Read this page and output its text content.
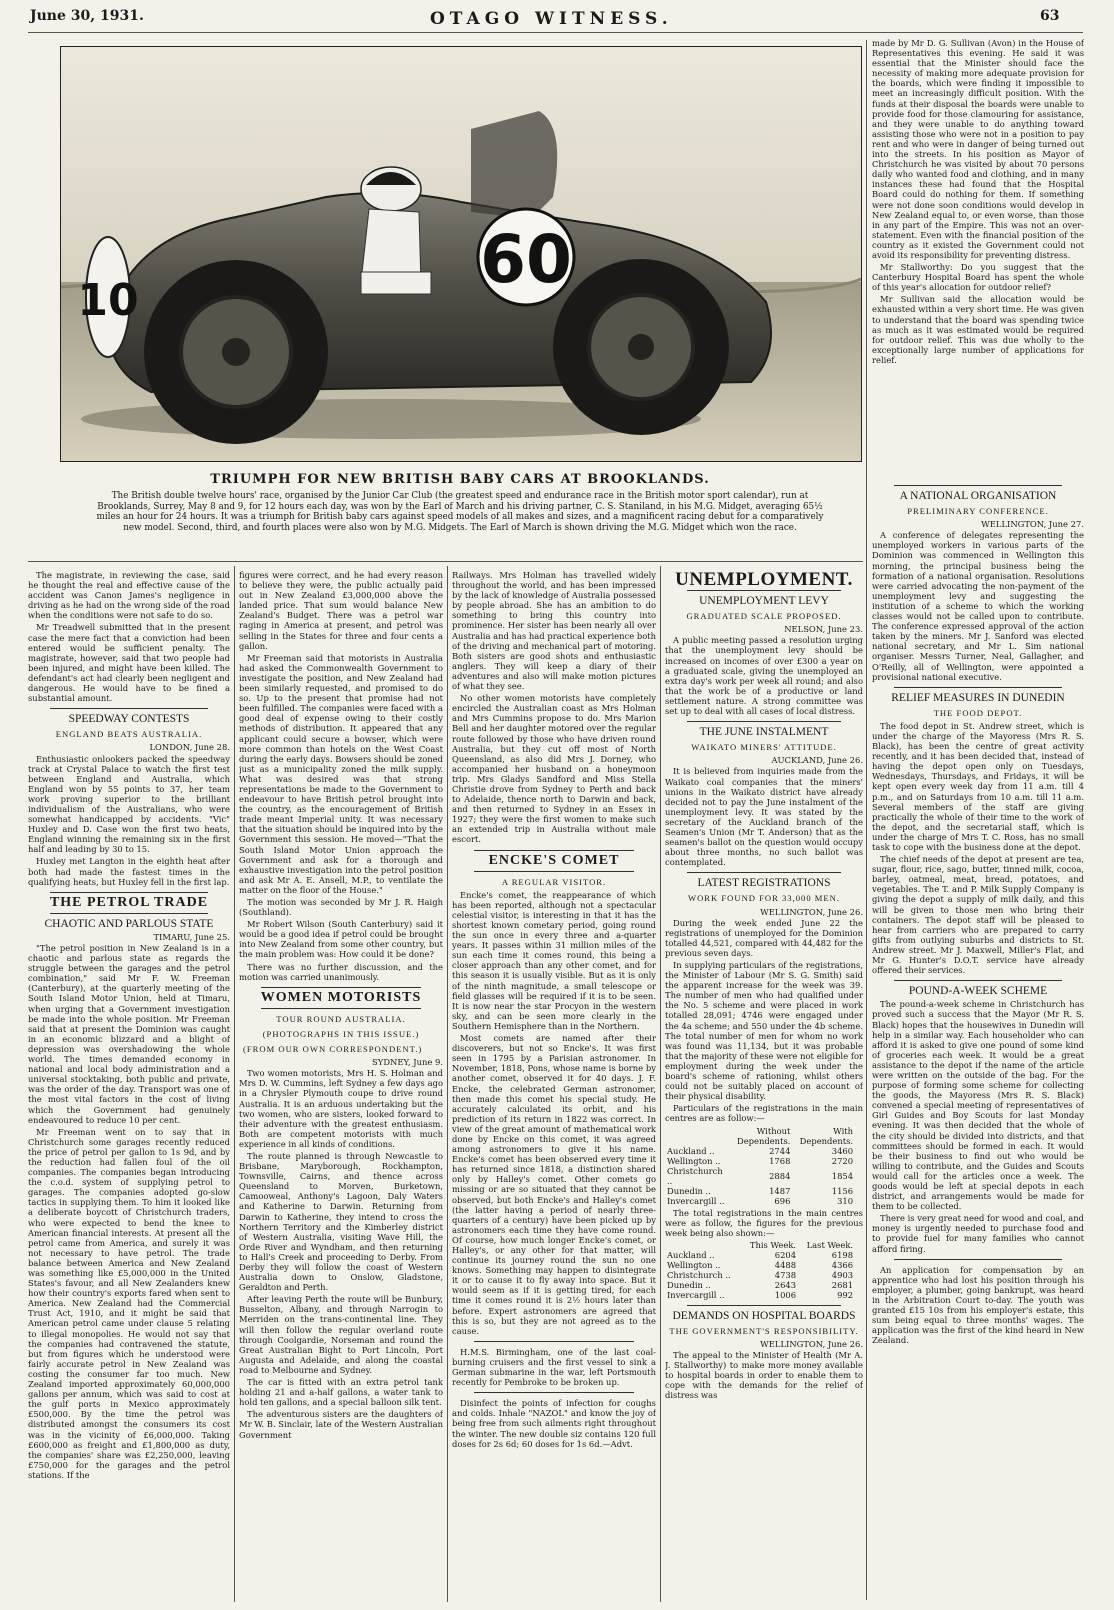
June 30, 1931.	OTAGO WITNESS.	63
10
60
TRIUMPH FOR NEW BRITISH BABY CARS AT BROOKLANDS.
The British double twelve hours' race, organised by the Junior Car Club (the greatest speed and endurance race in the British motor sport calendar), run at Brooklands, Surrey, May 8 and 9, for 12 hours each day, was won by the Earl of March and his driving partner, C. S. Staniland, in his M.G. Midget, averaging 65½ miles an hour for 24 hours. It was a triumph for British baby cars against speed models of all makes and sizes, and a magnificent racing debut for a comparatively new model. Second, third, and fourth places were also won by M.G. Midgets. The Earl of March is shown driving the M.G. Midget which won the race.

made by Mr D. G. Sullivan (Avon) in the House of Representatives this evening. He said it was essential that the Minister should face the necessity of making more adequate provision for the boards, which were finding it impossible to meet an increasingly difficult position. With the funds at their disposal the boards were unable to provide food for those clamouring for assistance, and they were unable to do anything toward assisting those who were not in a position to pay rent and who were in danger of being turned out into the streets. In his position as Mayor of Christchurch he was visited by about 70 persons daily who wanted food and clothing, and in many instances these had found that the Hospital Board could do nothing for them. If something were not done soon conditions would develop in New Zealand equal to, or even worse, than those in any part of the Empire. This was not an over-statement. Even with the financial position of the country as it existed the Government could not avoid its responsibility for preventing distress.

Mr Stallworthy: Do you suggest that the Canterbury Hospital Board has spent the whole of this year's allocation for outdoor relief?

Mr Sullivan said the allocation would be exhausted within a very short time. He was given to understand that the board was spending twice as much as it was estimated would be required for outdoor relief. This was due wholly to the exceptionally large number of applications for relief.

The magistrate, in reviewing the case, said he thought the real and effective cause of the accident was Canon James's negligence in driving as he had on the wrong side of the road when the conditions were not safe to do so.

Mr Treadwell submitted that in the present case the mere fact that a conviction had been entered would be sufficient penalty. The magistrate, however, said that two people had been injured, and might have been killed. The defendant's act had clearly been negligent and dangerous. He would have to be fined a substantial amount.

SPEEDWAY CONTESTS

ENGLAND BEATS AUSTRALIA.

LONDON, June 28.

Enthusiastic onlookers packed the speedway track at Crystal Palace to watch the first test between England and Australia, which England won by 55 points to 37, her team work proving superior to the brilliant individualism of the Australians, who were somewhat handicapped by accidents. "Vic" Huxley and D. Case won the first two heats, England winning the remaining six in the first half and leading by 30 to 15.

Huxley met Langton in the eighth heat after both had made the fastest times in the qualifying heats, but Huxley fell in the first lap.

THE PETROL TRADE

CHAOTIC AND PARLOUS STATE

TIMARU, June 25.

"The petrol position in New Zealand is in a chaotic and parlous state as regards the struggle between the garages and the petrol combination," said Mr F. W. Freeman (Canterbury), at the quarterly meeting of the South Island Motor Union, held at Timaru, when urging that a Government investigation be made into the whole position. Mr Freeman said that at present the Dominion was caught in an economic blizzard and a blight of depression was overshadowing the whole world. The times demanded economy in national and local body administration and a universal stocktaking, both public and private, was the order of the day. Transport was one of the most vital factors in the cost of living which the Government had genuinely endeavoured to reduce 10 per cent.

Mr Freeman went on to say that in Christchurch some garages recently reduced the price of petrol per gallon to 1s 9d, and by the reduction had fallen foul of the oil companies. The companies began introducing the c.o.d. system of supplying petrol to garages. The companies adopted go-slow tactics in supplying them. To him it looked like a deliberate boycott of Christchurch traders, who were expected to bend the knee to American financial interests. At present all the petrol came from America, and surely it was not necessary to have petrol. The trade balance between America and New Zealand was something like £5,000,000 in the United States's favour, and all New Zealanders knew how their country's exports fared when sent to America. New Zealand had the Commercial Trust Act, 1910, and it might be said that American petrol came under clause 5 relating to illegal monopolies. He would not say that the companies had contravened the statute, but from figures which he understood were fairly accurate petrol in New Zealand was costing the consumer far too much. New Zealand imported approximately 60,000,000 gallons per annum, which was said to cost at the gulf ports in Mexico approximately £500,000. By the time the petrol was distributed amongst the consumers its cost was in the vicinity of £6,000,000. Taking £600,000 as freight and £1,800,000 as duty, the companies' share was £2,250,000, leaving £750,000 for the garages and the petrol stations. If the

figures were correct, and he had every reason to believe they were, the public actually paid out in New Zealand £3,000,000 above the landed price. That sum would balance New Zealand's Budget. There was a petrol war raging in America at present, and petrol was selling in the States for three and four cents a gallon.

Mr Freeman said that motorists in Australia had asked the Commonwealth Government to investigate the position, and New Zealand had been similarly requested, and promised to do so. Up to the present that promise had not been fulfilled. The companies were faced with a good deal of expense owing to their costly methods of distribution. It appeared that any applicant could secure a bowser, which were more common than hotels on the West Coast during the early days. Bowsers should be zoned just as a municipality zoned the milk supply. What was desired was that strong representations be made to the Government to endeavour to have British petrol brought into the country, as the encouragement of British trade meant Imperial unity. It was necessary that the situation should be inquired into by the Government this session. He moved—"That the South Island Motor Union approach the Government and ask for a thorough and exhaustive investigation into the petrol position and ask Mr A. E. Ansell, M.P., to ventilate the matter on the floor of the House."

The motion was seconded by Mr J. R. Haigh (Southland).

Mr Robert Wilson (South Canterbury) said it would be a good idea if petrol could be brought into New Zealand from some other country, but the main problem was: How could it be done?

There was no further discussion, and the motion was carried unanimously.

WOMEN MOTORISTS

TOUR ROUND AUSTRALIA.

(PHOTOGRAPHS IN THIS ISSUE.)

(FROM OUR OWN CORRESPONDENT.)

SYDNEY, June 9.

Two women motorists, Mrs H. S. Holman and Mrs D. W. Cummins, left Sydney a few days ago in a Chrysler Plymouth coupe to drive round Australia. It is an arduous undertaking but the two women, who are sisters, looked forward to their adventure with the greatest enthusiasm. Both are competent motorists with much experience in all kinds of conditions.

The route planned is through Newcastle to Brisbane, Maryborough, Rockhampton, Townsville, Cairns, and thence across Queensland to Morven, Burketown, Camooweal, Anthony's Lagoon, Daly Waters and Katherine to Darwin. Returning from Darwin to Katherine, they intend to cross the Northern Territory and the Kimberley district of Western Australia, visiting Wave Hill, the Orde River and Wyndham, and then returning to Hall's Creek and proceeding to Derby. From Derby they will follow the coast of Western Australia down to Onslow, Gladstone, Geraldton and Perth.

After leaving Perth the route will be Bunbury, Busselton, Albany, and through Narrogin to Merriden on the trans-continental line. They will then follow the regular overland route through Coolgardie, Norseman and round the Great Australian Bight to Port Lincoln, Port Augusta and Adelaide, and along the coastal road to Melbourne and Sydney.

The car is fitted with an extra petrol tank holding 21 and a-half gallons, a water tank to hold ten gallons, and a special balloon silk tent.

The adventurous sisters are the daughters of Mr W. B. Sinclair, late of the Western Australian Government

Railways. Mrs Holman has travelled widely throughout the world, and has been impressed by the lack of knowledge of Australia possessed by people abroad. She has an ambition to do something to bring this country into prominence. Her sister has been nearly all over Australia and has had practical experience both of the driving and mechanical part of motoring. Both sisters are good shots and enthusiastic anglers. They will keep a diary of their adventures and also will make motion pictures of what they see.

No other women motorists have completely encircled the Australian coast as Mrs Holman and Mrs Cummins propose to do. Mrs Marion Bell and her daughter motored over the regular route followed by those who have driven round Australia, but they cut off most of North Queensland, as also did Mrs J. Dorney, who accompanied her husband on a honeymoon trip. Mrs Gladys Sandford and Miss Stella Christie drove from Sydney to Perth and back to Adelaide, thence north to Darwin and back, and then returned to Sydney in an Essex in 1927; they were the first women to make such an extended trip in Australia without male escort.

ENCKE'S COMET

A REGULAR VISITOR.

Encke's comet, the reappearance of which has been reported, although not a spectacular celestial visitor, is interesting in that it has the shortest known cometary period, going round the sun once in every three and a-quarter years. It passes within 31 million miles of the sun each time it comes round, this being a closer approach than any other comet, and for this season it is usually visible. But as it is only of the ninth magnitude, a small telescope or field glasses will be required if it is to be seen. It is now near the star Procyon in the western sky, and can be seen more clearly in the Southern Hemisphere than in the Northern.

Most comets are named after their discoverers, but not so Encke's. It was first seen in 1795 by a Parisian astronomer. In November, 1818, Pons, whose name is borne by another comet, observed it for 40 days. J. F. Encke, the celebrated German astronomer, then made this comet his special study. He accurately calculated its orbit, and his prediction of its return in 1822 was correct. In view of the great amount of mathematical work done by Encke on this comet, it was agreed among astronomers to give it his name. Encke's comet has been observed every time it has returned since 1818, a distinction shared only by Halley's comet. Other comets go missing or are so situated that they cannot be observed, but both Encke's and Halley's comet (the latter having a period of nearly three-quarters of a century) have been picked up by astronomers each time they have come round. Of course, how much longer Encke's comet, or Halley's, or any other for that matter, will continue its journey round the sun no one knows. Something may happen to disintegrate it or to cause it to fly away into space. But it would seem as if it is getting tired, for each time it comes round it is 2½ hours later than before. Expert astronomers are agreed that this is so, but they are not agreed as to the cause.

H.M.S. Birmingham, one of the last coal-burning cruisers and the first vessel to sink a German submarine in the war, left Portsmouth recently for Pembroke to be broken up.

Disinfect the points of infection for coughs and colds. Inhale "NAZOL" and know the joy of being free from such ailments right throughout the winter. The new double siz contains 120 full doses for 2s 6d; 60 doses for 1s 6d.—Advt.

UNEMPLOYMENT.

UNEMPLOYMENT LEVY

GRADUATED SCALE PROPOSED.

NELSON, June 23.

A public meeting passed a resolution urging that the unemployment levy should be increased on incomes of over £300 a year on a graduated scale, giving the unemployed an extra day's work per week all round; and also that the work be of a productive or land settlement nature. A strong committee was set up to deal with all cases of local distress.

THE JUNE INSTALMENT

WAIKATO MINERS' ATTITUDE.

AUCKLAND, June 26.

It is believed from inquiries made from the Waikato coal companies that the miners' unions in the Waikato district have already decided not to pay the June instalment of the unemployment levy. It was stated by the secretary of the Auckland branch of the Seamen's Union (Mr T. Anderson) that as the seamen's ballot on the question would occupy about three months, no such ballot was contemplated.

LATEST REGISTRATIONS

WORK FOUND FOR 33,000 MEN.

WELLINGTON, June 26.

During the week ended June 22 the registrations of unemployed for the Dominion totalled 44,521, compared with 44,482 for the previous seven days.

In supplying particulars of the registrations, the Minister of Labour (Mr S. G. Smith) said the apparent increase for the week was 39. The number of men who had qualified under the No. 5 scheme and were placed in work totalled 28,091; 4746 were engaged under the 4a scheme; and 550 under the 4b scheme. The total number of men for whom no work was found was 11,134, but it was probable that the majority of these were not eligible for employment during the week under the board's scheme of rationing, whilst others could not be suitably placed on account of their physical disability.

Particulars of the registrations in the main centres are as follow:—

	Without Dependents.	With Dependents.
Auckland ..	2744	3460
Wellington ..	1768	2720
Christchurch ..	2884	1854
Dunedin ..	1487	1156
Invercargill ..	696	310

The total registrations in the main centres were as follow, the figures for the previous week being also shown:—

	This Week.	Last Week.
Auckland ..	6204	6198
Wellington ..	4488	4366
Christchurch ..	4738	4903
Dunedin ..	2643	2681
Invercargill ..	1006	992

DEMANDS ON HOSPITAL BOARDS

THE GOVERNMENT'S RESPONSIBILITY.

WELLINGTON, June 26.

The appeal to the Minister of Health (Mr A. J. Stallworthy) to make more money available to hospital boards in order to enable them to cope with the demands for the relief of distress was

A NATIONAL ORGANISATION

PRELIMINARY CONFERENCE.

WELLINGTON, June 27.

A conference of delegates representing the unemployed workers in various parts of the Dominion was commenced in Wellington this morning, the principal business being the formation of a national organisation. Resolutions were carried advocating the non-payment of the unemployment levy and suggesting the institution of a scheme to which the working classes would not be called upon to contribute. The conference expressed approval of the action taken by the miners. Mr J. Sanford was elected national secretary, and Mr L. Sim national organiser. Messrs Turner, Neal, Gallagher, and O'Reilly, all of Wellington, were appointed a provisional national executive.

RELIEF MEASURES IN DUNEDIN

THE FOOD DEPOT.

The food depot in St. Andrew street, which is under the charge of the Mayoress (Mrs R. S. Black), has been the centre of great activity recently, and it has been decided that, instead of having the depot open only on Tuesdays, Wednesdays, Thursdays, and Fridays, it will be kept open every week day from 11 a.m. till 4 p.m., and on Saturdays from 10 a.m. till 11 a.m. Several members of the staff are giving practically the whole of their time to the work of the depot, and the secretarial staff, which is under the charge of Mrs T. C. Ross, has no small task to cope with the business done at the depot.

The chief needs of the depot at present are tea, sugar, flour, rice, sago, butter, tinned milk, cocoa, barley, oatmeal, meat, bread, potatoes, and vegetables. The T. and P. Milk Supply Company is giving the depot a supply of milk daily, and this will be given to those men who bring their containers. The depot staff will be pleased to hear from carriers who are prepared to carry gifts from outlying suburbs and districts to St. Andrew street. Mr J. Maxwell, Miller's Flat, and Mr G. Hunter's D.O.T. service have already offered their services.

POUND-A-WEEK SCHEME

The pound-a-week scheme in Christchurch has proved such a success that the Mayor (Mr R. S. Black) hopes that the housewives in Dunedin will help in a similar way. Each householder who can afford it is asked to give one pound of some kind of groceries each week. It would be a great assistance to the depot if the name of the article were written on the outside of the bag. For the purpose of forming some scheme for collecting the goods, the Mayoress (Mrs R. S. Black) convened a special meeting of representatives of Girl Guides and Boy Scouts for last Monday evening. It was then decided that the whole of the city should be divided into districts, and that committees should be formed in each. It would be their business to find out who would be willing to contribute, and the Guides and Scouts would call for the articles once a week. The goods would be left at special depots in each district, and arrangements would be made for them to be collected.

There is very great need for wood and coal, and money is urgently needed to purchase food and to provide fuel for many families who cannot afford firing.

An application for compensation by an apprentice who had lost his position through his employer, a plumber, going bankrupt, was heard in the Arbitration Court to-day. The youth was granted £15 10s from his employer's estate, this sum being equal to three months' wages. The application was the first of the kind heard in New Zealand.
